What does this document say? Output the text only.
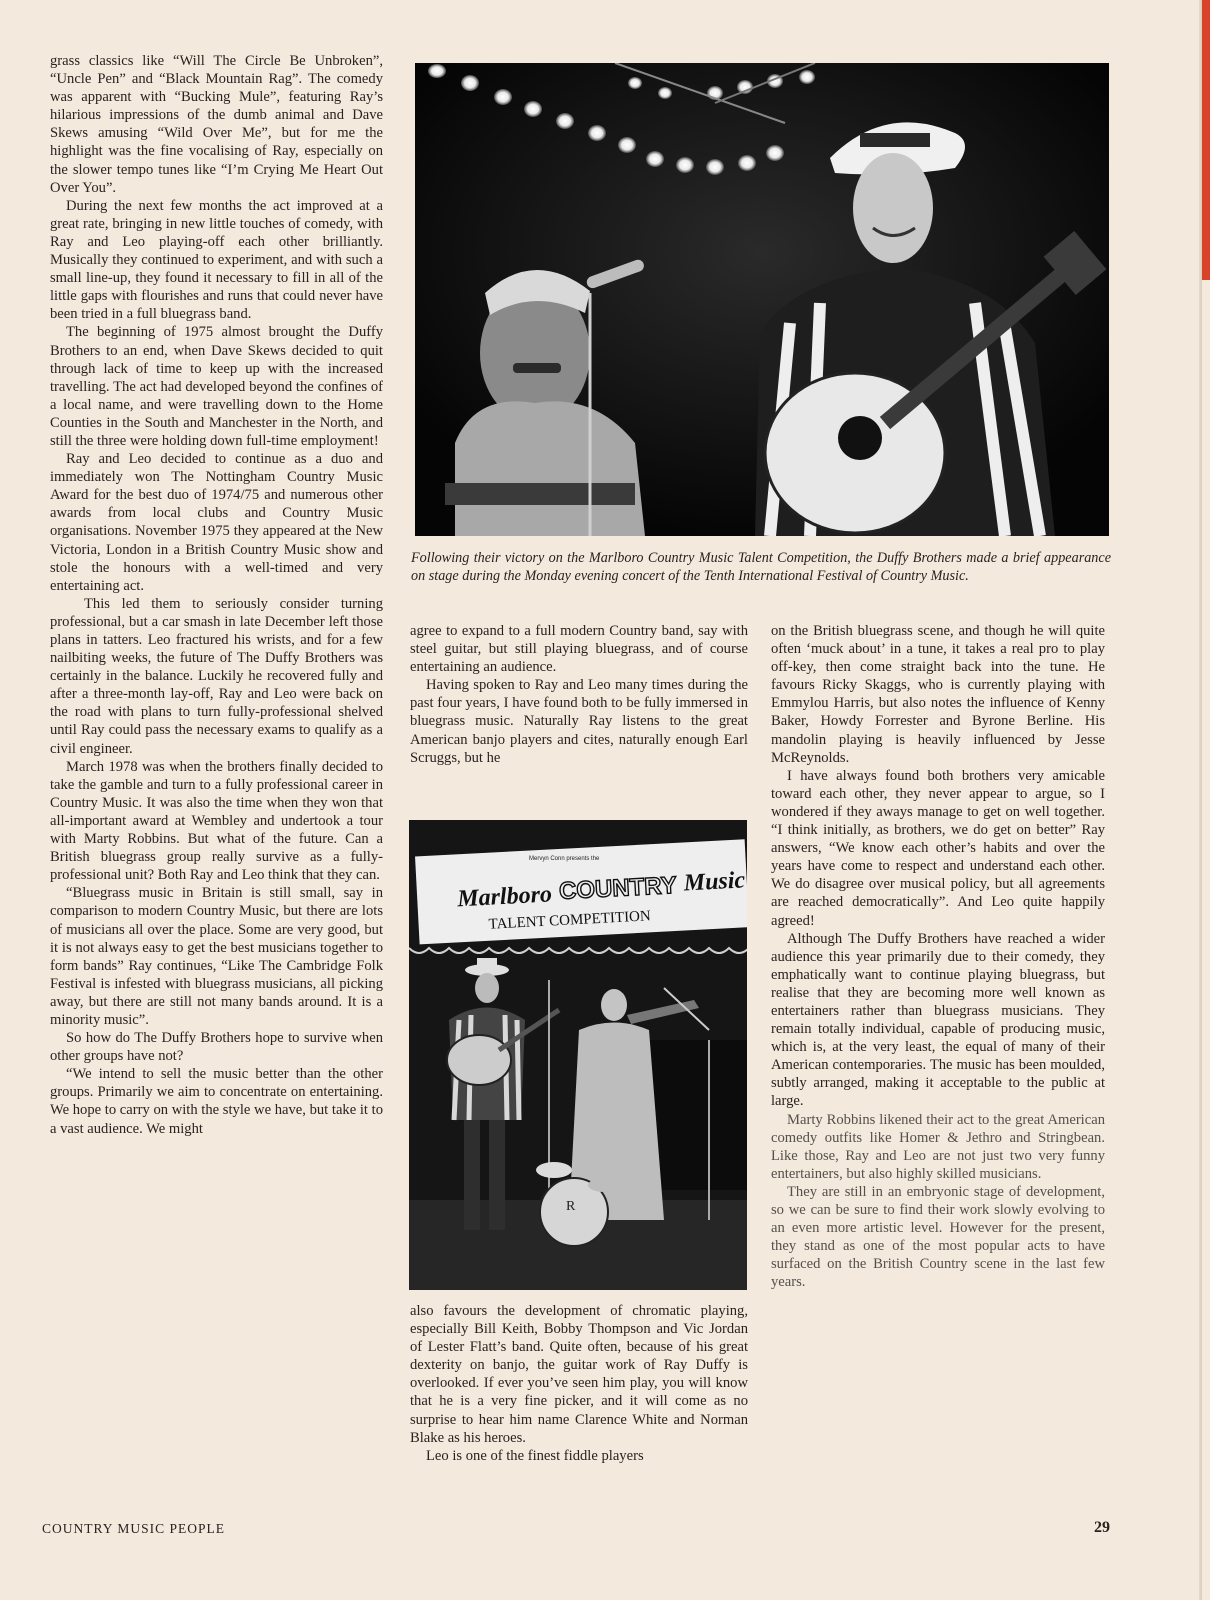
grass classics like “Will The Circle Be Unbroken”, “Uncle Pen” and “Black Mountain Rag”. The comedy was apparent with “Bucking Mule”, featuring Ray’s hilarious impressions of the dumb animal and Dave Skews amusing “Wild Over Me”, but for me the highlight was the fine vocalising of Ray, especially on the slower tempo tunes like “I’m Crying Me Heart Out Over You”.

During the next few months the act improved at a great rate, bringing in new little touches of comedy, with Ray and Leo playing-off each other brilliantly. Musically they continued to experiment, and with such a small line-up, they found it necessary to fill in all of the little gaps with flourishes and runs that could never have been tried in a full bluegrass band.

The beginning of 1975 almost brought the Duffy Brothers to an end, when Dave Skews decided to quit through lack of time to keep up with the increased travelling. The act had developed beyond the confines of a local name, and were travelling down to the Home Counties in the South and Manchester in the North, and still the three were holding down full-time employment!

Ray and Leo decided to continue as a duo and immediately won The Nottingham Country Music Award for the best duo of 1974/75 and numerous other awards from local clubs and Country Music organisations. November 1975 they appeared at the New Victoria, London in a British Country Music show and stole the honours with a well-timed and very entertaining act.

This led them to seriously consider turning professional, but a car smash in late December left those plans in tatters. Leo fractured his wrists, and for a few nailbiting weeks, the future of The Duffy Brothers was certainly in the balance. Luckily he recovered fully and after a three-month lay-off, Ray and Leo were back on the road with plans to turn fully-professional shelved until Ray could pass the necessary exams to qualify as a civil engineer.

March 1978 was when the brothers finally decided to take the gamble and turn to a fully professional career in Country Music. It was also the time when they won that all-important award at Wembley and undertook a tour with Marty Robbins. But what of the future. Can a British bluegrass group really survive as a fully-professional unit? Both Ray and Leo think that they can.

“Bluegrass music in Britain is still small, say in comparison to modern Country Music, but there are lots of musicians all over the place. Some are very good, but it is not always easy to get the best musicians together to form bands” Ray continues, “Like The Cambridge Folk Festival is infested with bluegrass musicians, all picking away, but there are still not many bands around. It is a minority music”.

So how do The Duffy Brothers hope to survive when other groups have not?

“We intend to sell the music better than the other groups. Primarily we aim to concentrate on entertaining. We hope to carry on with the style we have, but take it to a vast audience. We might

Following their victory on the Marlboro Country Music Talent Competition, the Duffy Brothers made a brief appearance on stage during the Monday evening concert of the Tenth International Festival of Country Music.

agree to expand to a full modern Country band, say with steel guitar, but still playing bluegrass, and of course entertaining an audience.

Having spoken to Ray and Leo many times during the past four years, I have found both to be fully immersed in bluegrass music. Naturally Ray listens to the great American banjo players and cites, naturally enough Earl Scruggs, but he

Mervyn Conn presents the
Marlboro COUNTRY Music
TALENT COMPETITION
R

also favours the development of chromatic playing, especially Bill Keith, Bobby Thompson and Vic Jordan of Lester Flatt’s band. Quite often, because of his great dexterity on banjo, the guitar work of Ray Duffy is overlooked. If ever you’ve seen him play, you will know that he is a very fine picker, and it will come as no surprise to hear him name Clarence White and Norman Blake as his heroes.

Leo is one of the finest fiddle players

on the British bluegrass scene, and though he will quite often ‘muck about’ in a tune, it takes a real pro to play off-key, then come straight back into the tune. He favours Ricky Skaggs, who is currently playing with Emmylou Harris, but also notes the influence of Kenny Baker, Howdy Forrester and Byrone Berline. His mandolin playing is heavily influenced by Jesse McReynolds.

I have always found both brothers very amicable toward each other, they never appear to argue, so I wondered if they aways manage to get on well together. “I think initially, as brothers, we do get on better” Ray answers, “We know each other’s habits and over the years have come to respect and understand each other. We do disagree over musical policy, but all agreements are reached democratically”. And Leo quite happily agreed!

Although The Duffy Brothers have reached a wider audience this year primarily due to their comedy, they emphatically want to continue playing bluegrass, but realise that they are becoming more well known as entertainers rather than bluegrass musicians. They remain totally individual, capable of producing music, which is, at the very least, the equal of many of their American contemporaries. The music has been moulded, subtly arranged, making it acceptable to the public at large.

Marty Robbins likened their act to the great American comedy outfits like Homer & Jethro and Stringbean. Like those, Ray and Leo are not just two very funny entertainers, but also highly skilled musicians.

They are still in an embryonic stage of development, so we can be sure to find their work slowly evolving to an even more artistic level. However for the present, they stand as one of the most popular acts to have surfaced on the British Country scene in the last few years.

COUNTRY MUSIC PEOPLE	29
